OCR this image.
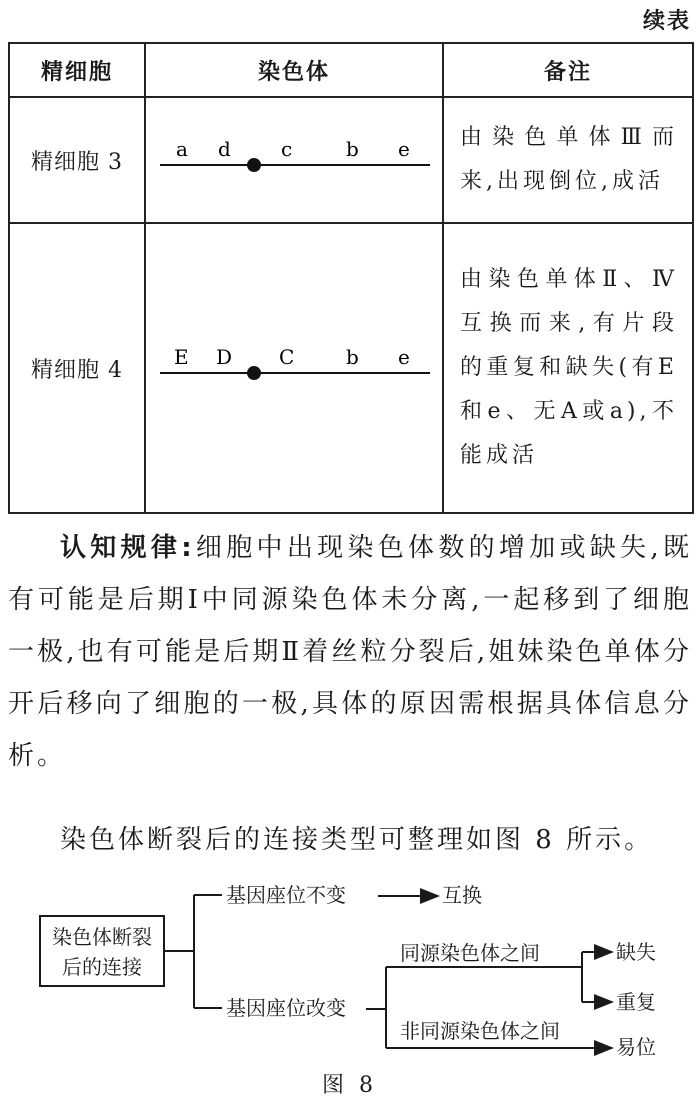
续表
精细胞	染色体	备注
精细胞 3	a d c b e	由染色单体Ⅲ而来,出现倒位,成活
精细胞 4	E D C b e	由染色单体Ⅱ、Ⅳ互换而来,有片段的重复和缺失(有E和e、无A或a),不能成活

认知规律:细胞中出现染色体数的增加或缺失,既有可能是后期Ⅰ中同源染色体未分离,一起移到了细胞一极,也有可能是后期Ⅱ着丝粒分裂后,姐妹染色单体分开后移向了细胞的一极,具体的原因需根据具体信息分析。

染色体断裂后的连接类型可整理如图 8 所示。

染色体断裂
后的连接
基因座位不变	互换
基因座位改变
同源染色体之间
非同源染色体之间
缺失
重复
易位
图 8
